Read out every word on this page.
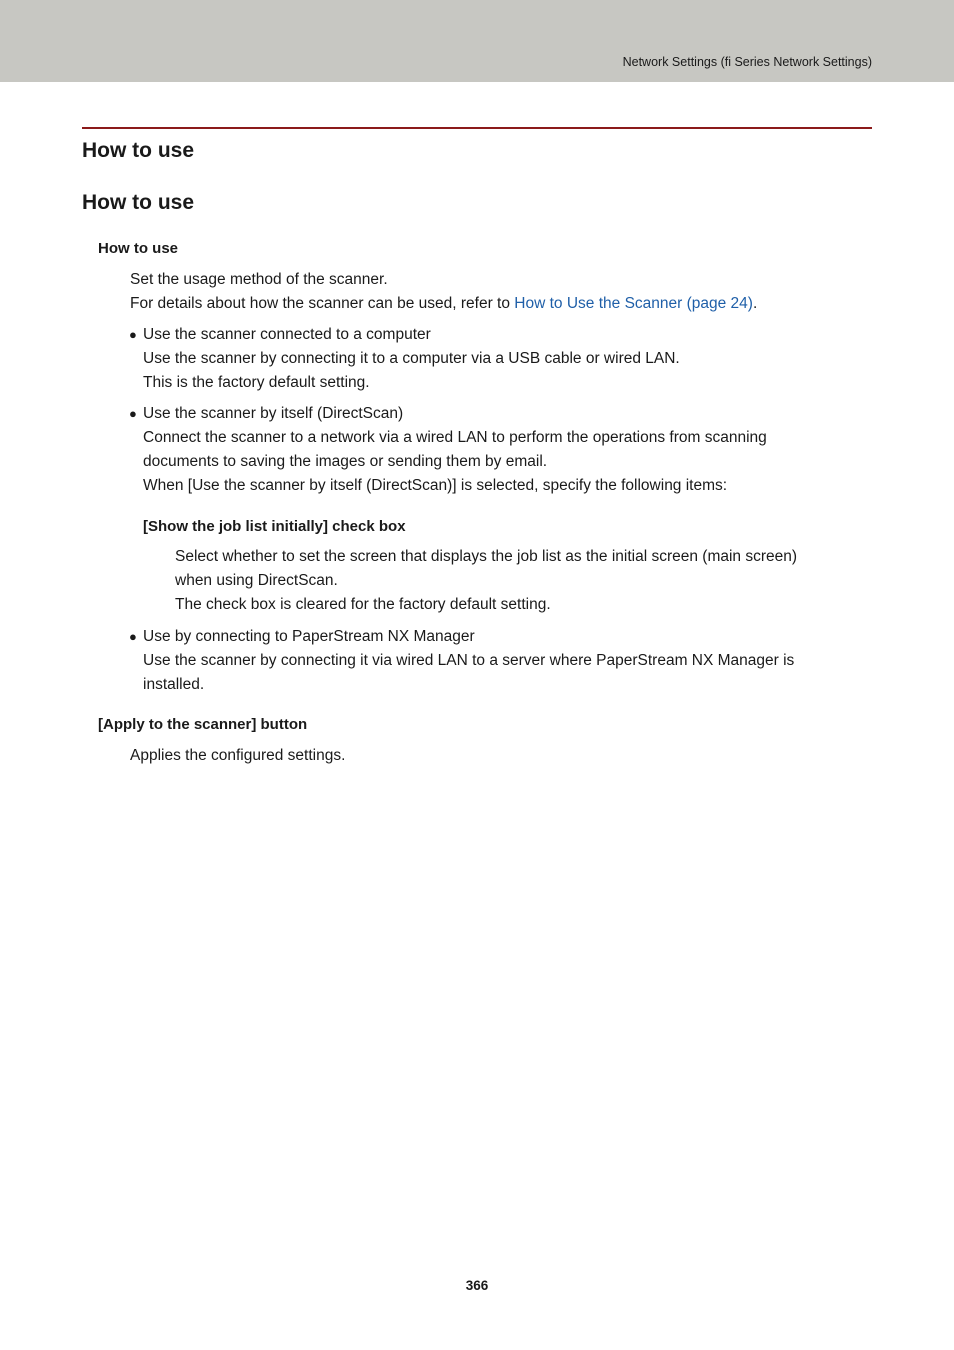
Network Settings (fi Series Network Settings)
How to use
How to use
How to use
Set the usage method of the scanner.
For details about how the scanner can be used, refer to How to Use the Scanner (page 24).
● Use the scanner connected to a computer
Use the scanner by connecting it to a computer via a USB cable or wired LAN.
This is the factory default setting.
● Use the scanner by itself (DirectScan)
Connect the scanner to a network via a wired LAN to perform the operations from scanning
documents to saving the images or sending them by email.
When [Use the scanner by itself (DirectScan)] is selected, specify the following items:
[Show the job list initially] check box
Select whether to set the screen that displays the job list as the initial screen (main screen)
when using DirectScan.
The check box is cleared for the factory default setting.
● Use by connecting to PaperStream NX Manager
Use the scanner by connecting it via wired LAN to a server where PaperStream NX Manager is
installed.
[Apply to the scanner] button
Applies the configured settings.
366
